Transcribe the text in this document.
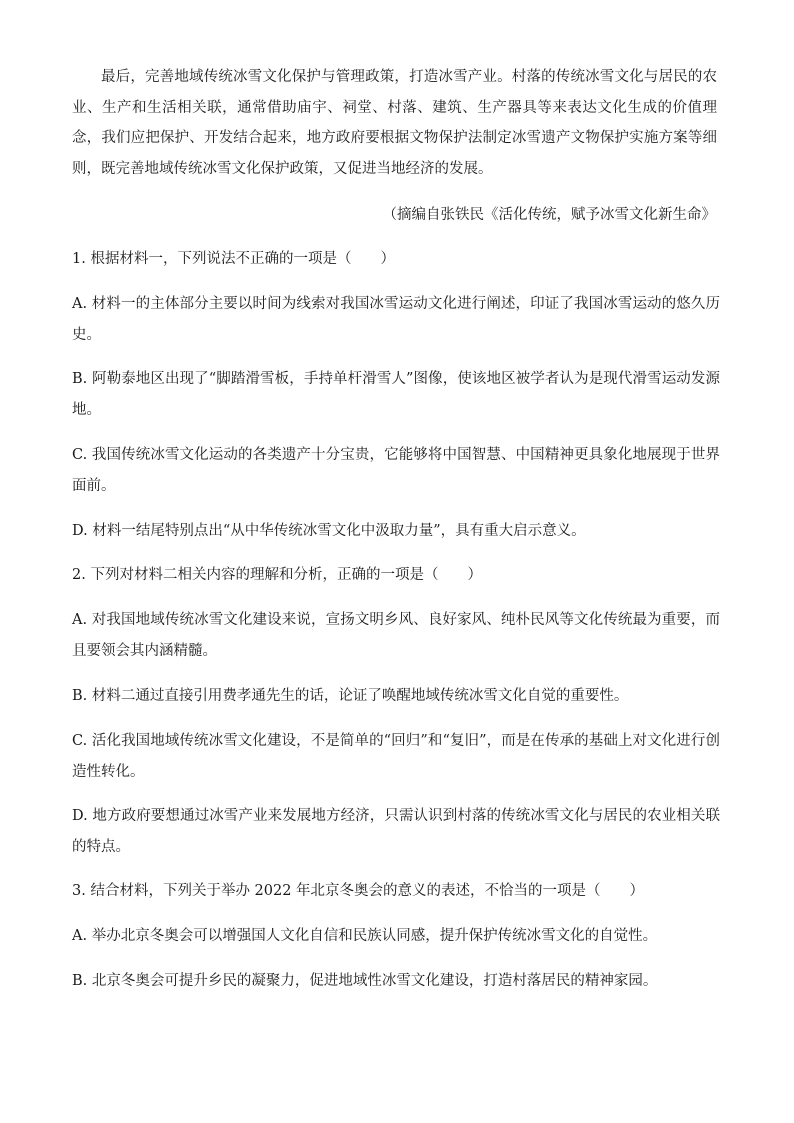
最后，完善地域传统冰雪文化保护与管理政策，打造冰雪产业。村落的传统冰雪文化与居民的农业、生产和生活相关联，通常借助庙宇、祠堂、村落、建筑、生产器具等来表达文化生成的价值理念，我们应把保护、开发结合起来，地方政府要根据文物保护法制定冰雪遗产文物保护实施方案等细则，既完善地域传统冰雪文化保护政策，又促进当地经济的发展。
（摘编自张铁民《活化传统，赋予冰雪文化新生命》
1. 根据材料一，下列说法不正确的一项是（　　）
A. 材料一的主体部分主要以时间为线索对我国冰雪运动文化进行阐述，印证了我国冰雪运动的悠久历史。
B. 阿勒泰地区出现了“脚踏滑雪板，手持单杆滑雪人”图像，使该地区被学者认为是现代滑雪运动发源地。
C. 我国传统冰雪文化运动的各类遗产十分宝贵，它能够将中国智慧、中国精神更具象化地展现于世界面前。
D. 材料一结尾特别点出“从中华传统冰雪文化中汲取力量”，具有重大启示意义。
2. 下列对材料二相关内容的理解和分析，正确的一项是（　　）
A. 对我国地域传统冰雪文化建设来说，宣扬文明乡风、良好家风、纯朴民风等文化传统最为重要，而且要领会其内涵精髓。
B. 材料二通过直接引用费孝通先生的话，论证了唤醒地域传统冰雪文化自觉的重要性。
C. 活化我国地域传统冰雪文化建设，不是简单的“回归”和“复旧”，而是在传承的基础上对文化进行创造性转化。
D. 地方政府要想通过冰雪产业来发展地方经济，只需认识到村落的传统冰雪文化与居民的农业相关联的特点。
3. 结合材料，下列关于举办 2022 年北京冬奥会的意义的表述，不恰当的一项是（　　）
A. 举办北京冬奥会可以增强国人文化自信和民族认同感，提升保护传统冰雪文化的自觉性。
B. 北京冬奥会可提升乡民的凝聚力，促进地域性冰雪文化建设，打造村落居民的精神家园。
